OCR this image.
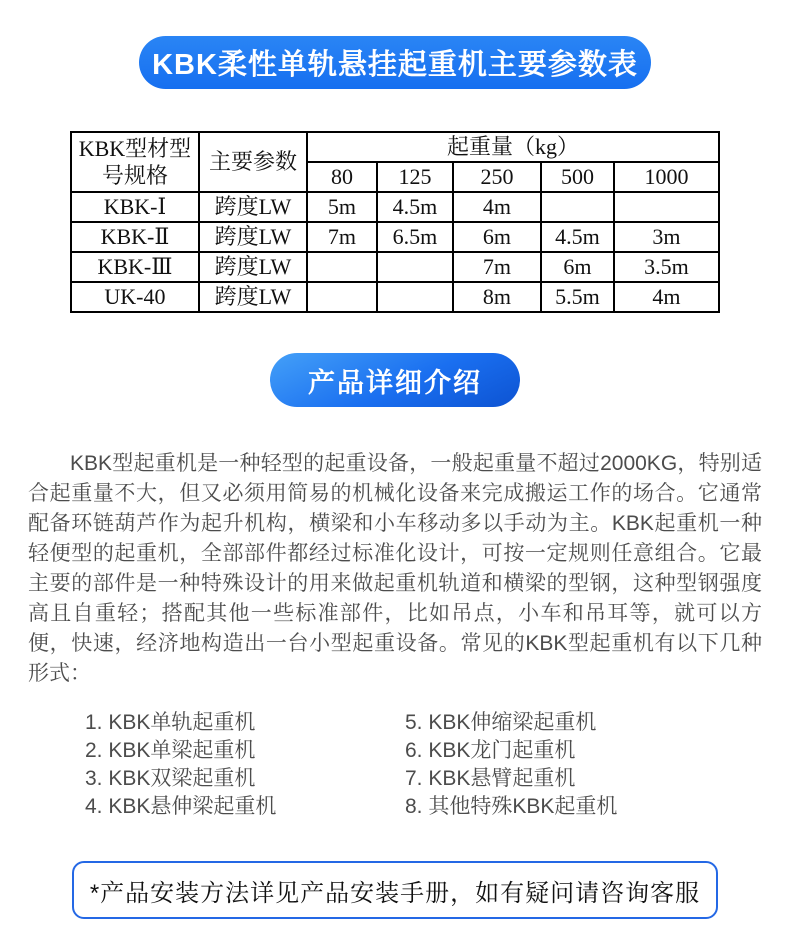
KBK柔性单轨悬挂起重机主要参数表
KBK型材型号规格	主要参数	起重量（kg）				
		80	125	250	500	1000
KBK-Ⅰ	跨度LW	5m	4.5m	4m		
KBK-Ⅱ	跨度LW	7m	6.5m	6m	4.5m	3m
KBK-Ⅲ	跨度LW			7m	6m	3.5m
UK-40	跨度LW			8m	5.5m	4m
产品详细介绍

KBK型起重机是一种轻型的起重设备，一般起重量不超过2000KG，特别适合起重量不大，但又必须用简易的机械化设备来完成搬运工作的场合。它通常配备环链葫芦作为起升机构，横梁和小车移动多以手动为主。KBK起重机一种轻便型的起重机，全部部件都经过标准化设计，可按一定规则任意组合。它最主要的部件是一种特殊设计的用来做起重机轨道和横梁的型钢，这种型钢强度高且自重轻；搭配其他一些标准部件，比如吊点，小车和吊耳等，就可以方便，快速，经济地构造出一台小型起重设备。常见的KBK型起重机有以下几种形式：

1. KBK单轨起重机
2. KBK单梁起重机
3. KBK双梁起重机
4. KBK悬伸梁起重机
5. KBK伸缩梁起重机
6. KBK龙门起重机
7. KBK悬臂起重机
8. 其他特殊KBK起重机
*产品安装方法详见产品安装手册，如有疑问请咨询客服
